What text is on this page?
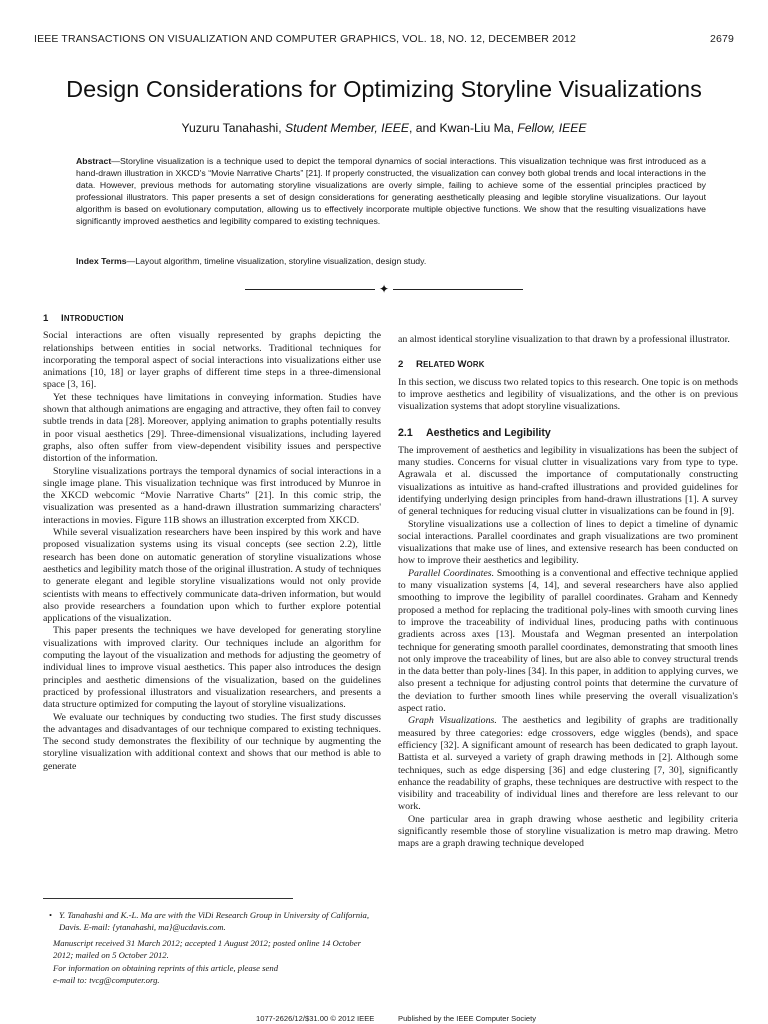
IEEE TRANSACTIONS ON VISUALIZATION AND COMPUTER GRAPHICS, VOL. 18, NO. 12, DECEMBER 2012	2679
Design Considerations for Optimizing Storyline Visualizations
Yuzuru Tanahashi, Student Member, IEEE, and Kwan-Liu Ma, Fellow, IEEE
Abstract—Storyline visualization is a technique used to depict the temporal dynamics of social interactions. This visualization technique was first introduced as a hand-drawn illustration in XKCD's “Movie Narrative Charts” [21]. If properly constructed, the visualization can convey both global trends and local interactions in the data. However, previous methods for automating storyline visualizations are overly simple, failing to achieve some of the essential principles practiced by professional illustrators. This paper presents a set of design considerations for generating aesthetically pleasing and legible storyline visualizations. Our layout algorithm is based on evolutionary computation, allowing us to effectively incorporate multiple objective functions. We show that the resulting visualizations have significantly improved aesthetics and legibility compared to existing techniques.
Index Terms—Layout algorithm, timeline visualization, storyline visualization, design study.
✦
1 INTRODUCTION

Social interactions are often visually represented by graphs depicting the relationships between entities in social networks. Traditional techniques for incorporating the temporal aspect of social interactions into visualizations either use animations [10, 18] or layer graphs of different time steps in a three-dimensional space [3, 16].

Yet these techniques have limitations in conveying information. Studies have shown that although animations are engaging and attractive, they often fail to convey subtle trends in data [28]. Moreover, applying animation to graphs potentially results in poor visual aesthetics [29]. Three-dimensional visualizations, including layered graphs, also often suffer from view-dependent visibility issues and perspective distortion of the information.

Storyline visualizations portrays the temporal dynamics of social interactions in a single image plane. This visualization technique was first introduced by Munroe in the XKCD webcomic “Movie Narrative Charts” [21]. In this comic strip, the visualization was presented as a hand-drawn illustration summarizing characters' interactions in movies. Figure 11B shows an illustration excerpted from XKCD.

While several visualization researchers have been inspired by this work and have proposed visualization systems using its visual concepts (see section 2.2), little research has been done on automatic generation of storyline visualizations whose aesthetics and legibility match those of the original illustration. A study of techniques to generate elegant and legible storyline visualizations would not only provide scientists with means to effectively communicate data-driven information, but would also provide researchers a foundation upon which to further explore potential applications of the visualization.

This paper presents the techniques we have developed for generating storyline visualizations with improved clarity. Our techniques include an algorithm for computing the layout of the visualization and methods for adjusting the geometry of individual lines to improve visual aesthetics. This paper also introduces the design principles and aesthetic dimensions of the visualization, based on the guidelines practiced by professional illustrators and visualization researchers, and presents a data structure optimized for computing the layout of storyline visualizations.

We evaluate our techniques by conducting two studies. The first study discusses the advantages and disadvantages of our technique compared to existing techniques. The second study demonstrates the flexibility of our technique by augmenting the storyline visualization with additional context and shows that our method is able to generate

• Y. Tanahashi and K.-L. Ma are with the ViDi Research Group in University of California, Davis. E-mail: {ytanahashi, ma}@ucdavis.com.
Manuscript received 31 March 2012; accepted 1 August 2012; posted online 14 October 2012; mailed on 5 October 2012.
For information on obtaining reprints of this article, please send
e-mail to: tvcg@computer.org.

an almost identical storyline visualization to that drawn by a professional illustrator.

2 RELATED WORK

In this section, we discuss two related topics to this research. One topic is on methods to improve aesthetics and legibility of visualizations, and the other is on previous visualization systems that adopt storyline visualizations.

2.1 Aesthetics and Legibility

The improvement of aesthetics and legibility in visualizations has been the subject of many studies. Concerns for visual clutter in visualizations vary from type to type. Agrawala et al. discussed the importance of computationally constructing visualizations as intuitive as hand-crafted illustrations and provided guidelines for identifying underlying design principles from hand-drawn illustrations [1]. A survey of general techniques for reducing visual clutter in visualizations can be found in [9].

Storyline visualizations use a collection of lines to depict a timeline of dynamic social interactions. Parallel coordinates and graph visualizations are two prominent visualizations that make use of lines, and extensive research has been conducted on how to improve their aesthetics and legibility.

Parallel Coordinates. Smoothing is a conventional and effective technique applied to many visualization systems [4, 14], and several researchers have also applied smoothing to improve the legibility of parallel coordinates. Graham and Kennedy proposed a method for replacing the traditional poly-lines with smooth curving lines to improve the traceability of individual lines, producing paths with continuous gradients across axes [13]. Moustafa and Wegman presented an interpolation technique for generating smooth parallel coordinates, demonstrating that smooth lines not only improve the traceability of lines, but are also able to convey structural trends in the data better than poly-lines [34]. In this paper, in addition to applying curves, we also present a technique for adjusting control points that determine the curvature of the deviation to further smooth lines while preserving the overall visualization's aspect ratio.

Graph Visualizations. The aesthetics and legibility of graphs are traditionally measured by three categories: edge crossovers, edge wiggles (bends), and space efficiency [32]. A significant amount of research has been dedicated to graph layout. Battista et al. surveyed a variety of graph drawing methods in [2]. Although some techniques, such as edge dispersing [36] and edge clustering [7, 30], significantly enhance the readability of graphs, these techniques are destructive with respect to the visibility and traceability of individual lines and therefore are less relevant to our work.

One particular area in graph drawing whose aesthetic and legibility criteria significantly resemble those of storyline visualization is metro map drawing. Metro maps are a graph drawing technique developed

1077-2626/12/$31.00 © 2012 IEEE	Published by the IEEE Computer Society
